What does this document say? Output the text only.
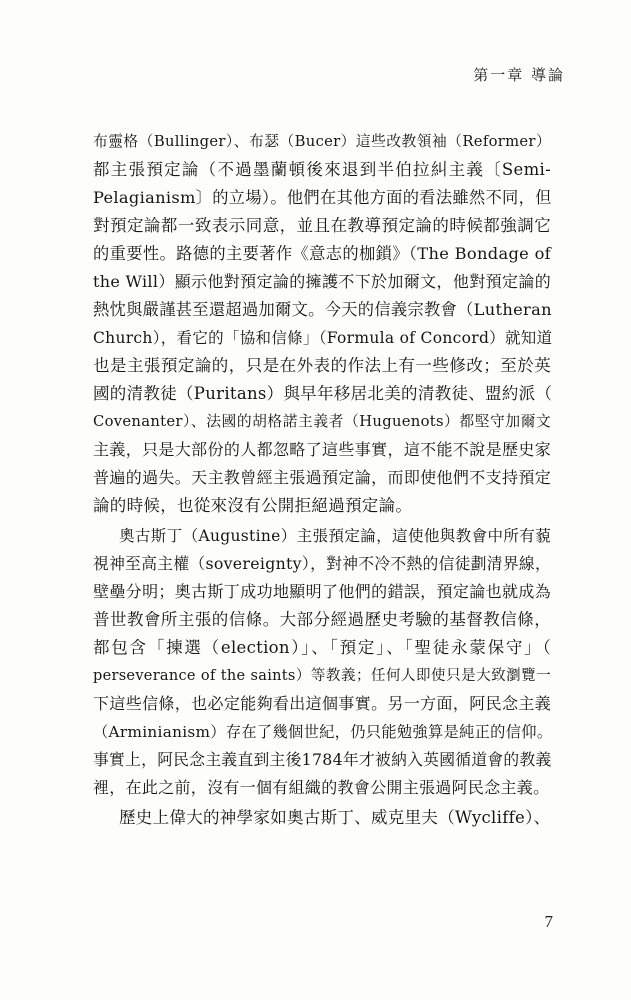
第一章 導論
布靈格（Bullinger）、布瑟（Bucer）這些改教領袖（Reformer）
都主張預定論（不過墨蘭頓後來退到半伯拉糾主義〔Semi-
Pelagianism〕的立場）。他們在其他方面的看法雖然不同，但
對預定論都一致表示同意，並且在教導預定論的時候都強調它
的重要性。路德的主要著作《意志的枷鎖》（The Bondage of
the Will）顯示他對預定論的擁護不下於加爾文，他對預定論的
熱忱與嚴謹甚至還超過加爾文。今天的信義宗教會（Lutheran
Church），看它的「協和信條」（Formula of Concord）就知道
也是主張預定論的，只是在外表的作法上有一些修改；至於英
國的清教徒（Puritans）與早年移居北美的清教徒、盟約派（
Covenanter）、法國的胡格諾主義者（Huguenots）都堅守加爾文
主義，只是大部份的人都忽略了這些事實，這不能不說是歷史家
普遍的過失。天主教曾經主張過預定論，而即使他們不支持預定
論的時候，也從來沒有公開拒絕過預定論。
奧古斯丁（Augustine）主張預定論，這使他與教會中所有藐
視神至高主權（sovereignty），對神不冷不熱的信徒劃清界線，
壁壘分明；奧古斯丁成功地顯明了他們的錯誤，預定論也就成為
普世教會所主張的信條。大部分經過歷史考驗的基督教信條，
都包含「揀選（election）」、「預定」、「聖徒永蒙保守」（
perseverance of the saints）等教義；任何人即使只是大致瀏覽一
下這些信條，也必定能夠看出這個事實。另一方面，阿民念主義
（Arminianism）存在了幾個世紀，仍只能勉強算是純正的信仰。
事實上，阿民念主義直到主後1784年才被納入英國循道會的教義
裡，在此之前，沒有一個有組織的教會公開主張過阿民念主義。
歷史上偉大的神學家如奧古斯丁、威克里夫（Wycliffe）、
7
